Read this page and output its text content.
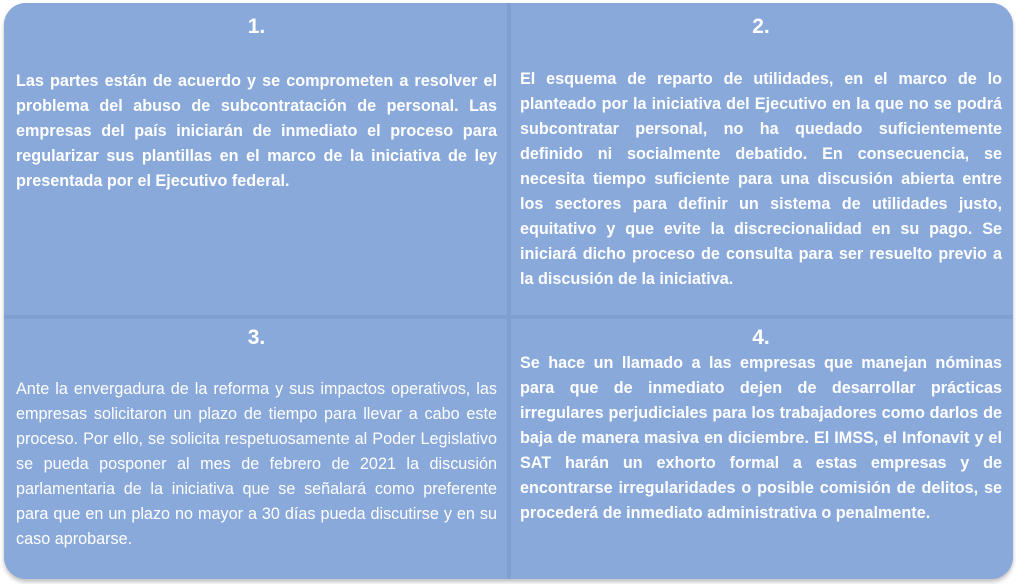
1.
Las partes están de acuerdo y se comprometen a resolver el problema del abuso de subcontratación de personal. Las empresas del país iniciarán de inmediato el proceso para regularizar sus plantillas en el marco de la iniciativa de ley presentada por el Ejecutivo federal.
2.
El esquema de reparto de utilidades, en el marco de lo planteado por la iniciativa del Ejecutivo en la que no se podrá subcontratar personal, no ha quedado suficientemente definido ni socialmente debatido. En consecuencia, se necesita tiempo suficiente para una discusión abierta entre los sectores para definir un sistema de utilidades justo, equitativo y que evite la discrecionalidad en su pago. Se iniciará dicho proceso de consulta para ser resuelto previo a la discusión de la iniciativa.
3.
Ante la envergadura de la reforma y sus impactos operativos, las empresas solicitaron un plazo de tiempo para llevar a cabo este proceso. Por ello, se solicita respetuosamente al Poder Legislativo se pueda posponer al mes de febrero de 2021 la discusión parlamentaria de la iniciativa que se señalará como preferente para que en un plazo no mayor a 30 días pueda discutirse y en su caso aprobarse.
4.
Se hace un llamado a las empresas que manejan nóminas para que de inmediato dejen de desarrollar prácticas irregulares perjudiciales para los trabajadores como darlos de baja de manera masiva en diciembre. El IMSS, el Infonavit y el SAT harán un exhorto formal a estas empresas y de encontrarse irregularidades o posible comisión de delitos, se procederá de inmediato administrativa o penalmente.
